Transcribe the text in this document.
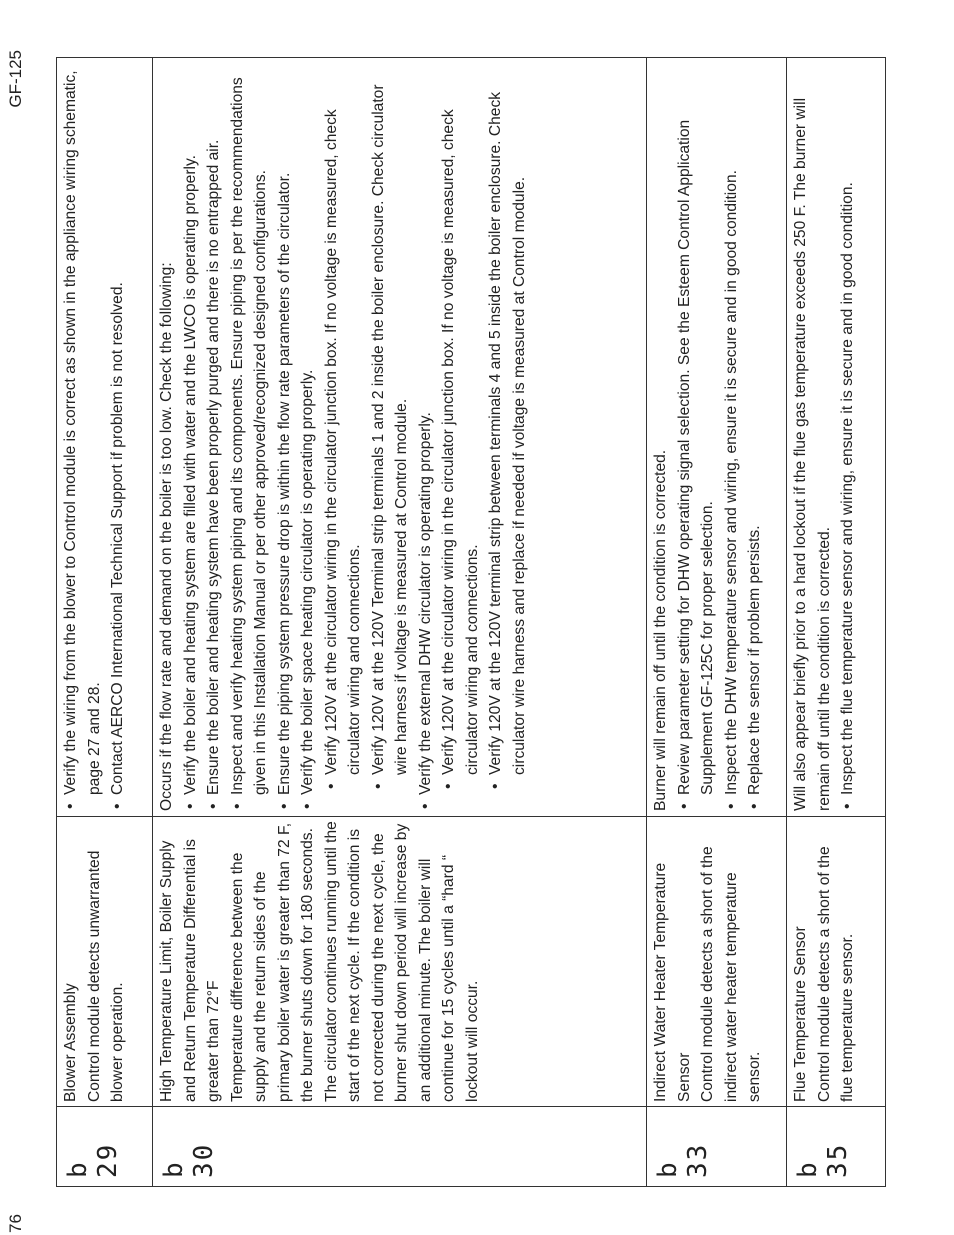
76
GF-125
b 29
Blower Assembly
Control module detects unwarranted blower operation.
• Verify the wiring from the blower to Control module is correct as shown in the appliance wiring schematic, page 27 and 28. • Contact AERCO International Technical Support if problem is not resolved.
b 30
High Temperature Limit, Boiler Supply and Return Temperature Differential is greater than 72°F
Temperature difference between the supply and the return sides of the primary boiler water is greater than 72 F, the burner shuts down for 180 seconds. The circulator continues running until the start of the next cycle. If the condition is not corrected during the next cycle, the burner shut down period will increase by an additional minute. The boiler will continue for 15 cycles until a “hard “ lockout will occur.
Occurs if the flow rate and demand on the boiler is too low. Check the following: • Verify the boiler and heating system are filled with water and the LWCO is operating properly. • Ensure the boiler and heating system have been properly purged and there is no entrapped air. • Inspect and verify heating system piping and its components. Ensure piping is per the recommendations given in this Installation Manual or per other approved/recognized designed configurations. • Ensure the piping system pressure drop is within the flow rate parameters of the circulator. • Verify the boiler space heating circulator is operating properly. • Verify 120V at the circulator wiring in the circulator junction box. If no voltage is measured, check circulator wiring and connections. • Verify 120V at the 120V Terminal strip terminals 1 and 2 inside the boiler enclosure. Check circulator wire harness if voltage is measured at Control module. • Verify the external DHW circulator is operating properly. • Verify 120V at the circulator wiring in the circulator junction box. If no voltage is measured, check circulator wiring and connections. • Verify 120V at the 120V terminal strip between terminals 4 and 5 inside the boiler enclosure. Check circulator wire harness and replace if needed if voltage is measured at Control module.
b 33
Indirect Water Heater Temperature Sensor
Control module detects a short of the indirect water heater temperature sensor.
Burner will remain off until the condition is corrected. • Review parameter setting for DHW operating signal selection. See the Esteem Control Application Supplement GF-125C for proper selection. • Inspect the DHW temperature sensor and wiring, ensure it is secure and in good condition. • Replace the sensor if problem persists.
b 35
Flue Temperature Sensor
Control module detects a short of the flue temperature sensor.
Will also appear briefly prior to a hard lockout if the flue gas temperature exceeds 250 F. The burner will remain off until the condition is corrected. • Inspect the flue temperature sensor and wiring, ensure it is secure and in good condition.
